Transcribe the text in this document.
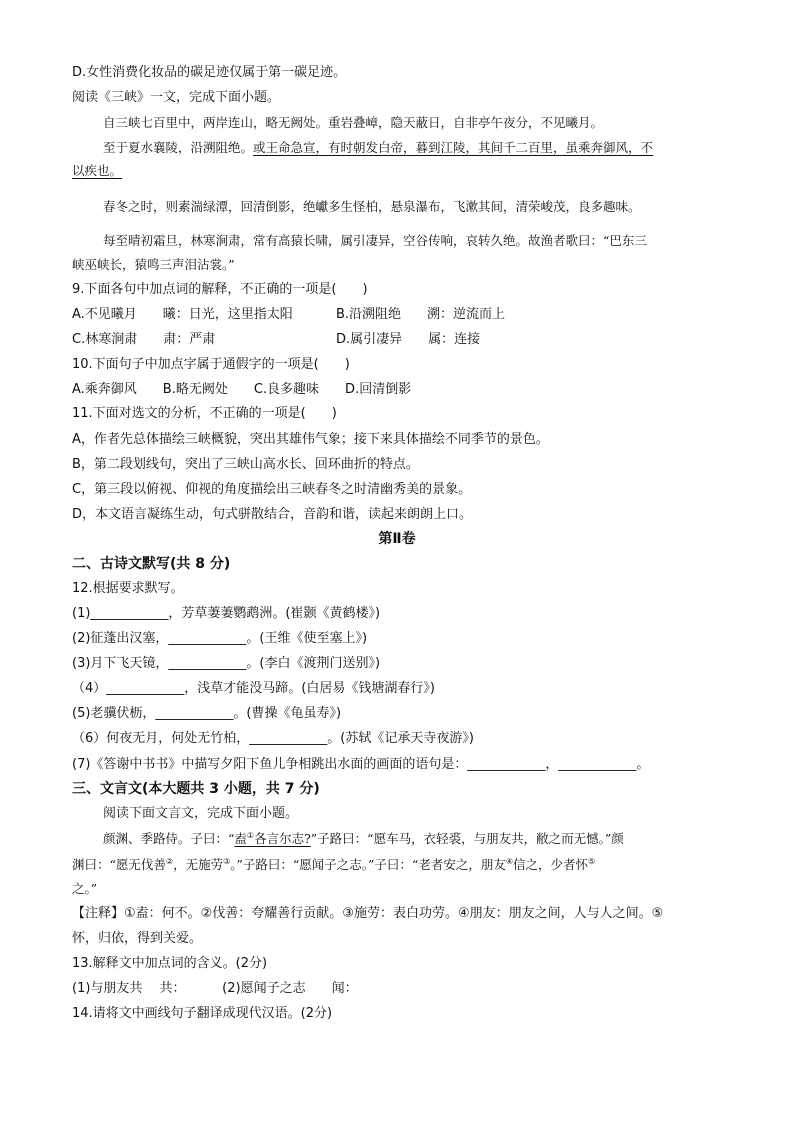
D.女性消费化妆品的碳足迹仅属于第一碳足迹。
阅读《三峡》一文，完成下面小题。
自三峡七百里中，两岸连山，略无阙处。重岩叠嶂，隐天蔽日，自非亭午夜分，不见曦月。
至于夏水襄陵，沿溯阻绝。或王命急宣，有时朝发白帝，暮到江陵，其间千二百里，虽乘奔御风，不
以疾也。
春冬之时，则素湍绿潭，回清倒影，绝巘多生怪柏，悬泉瀑布，飞漱其间，清荣峻茂，良多趣味。
每至晴初霜旦，林寒涧肃，常有高猿长啸，属引凄异，空谷传响，哀转久绝。故渔者歌曰：“巴东三
峡巫峡长，猿鸣三声泪沾裳。”
9.下面各句中加点词的解释，不正确的一项是(　　)
A.不见曦月　　曦：日光，这里指太阳	B.沿溯阻绝　　溯：逆流而上
C.林寒涧肃　　肃：严肃	D.属引凄异　　属：连接
10.下面句子中加点字属于通假字的一项是(　　)
A.乘奔御风　　B.略无阙处　　C.良多趣味　　D.回清倒影
11.下面对选文的分析，不正确的一项是(　　)
A，作者先总体描绘三峡概貌，突出其雄伟气象；接下来具体描绘不同季节的景色。
B，第二段划线句，突出了三峡山高水长、回环曲折的特点。
C，第三段以俯视、仰视的角度描绘出三峡春冬之时清幽秀美的景象。
D，本文语言凝练生动，句式骈散结合，音韵和谐，读起来朗朗上口。
第Ⅱ卷
二、古诗文默写(共 8 分)
12.根据要求默写。
(1)____________，芳草萋萋鹦鹉洲。(崔颢《黄鹤楼》)
(2)征蓬出汉塞，____________。(王维《使至塞上》)
(3)月下飞天镜，____________。(李白《渡荆门送别》)
（4）____________，浅草才能没马蹄。(白居易《钱塘湖春行》)
(5)老骥伏枥，____________。(曹操《龟虽寿》)
（6）何夜无月，何处无竹柏，____________。(苏轼《记承天寺夜游》)
(7)《答谢中书书》中描写夕阳下鱼儿争相跳出水面的画面的语句是：____________，____________。
三、文言文(本大题共 3 小题，共 7 分)
阅读下面文言文，完成下面小题。
颜渊、季路侍。子曰：“盍①各言尔志?”子路曰：“愿车马，衣轻裘，与朋友共，敝之而无憾。”颜
渊曰：“愿无伐善②，无施劳③。”子路曰：“愿闻子之志。”子曰：“老者安之，朋友④信之，少者怀⑤
之。”
【注释】①盍：何不。②伐善：夸耀善行贡献。③施劳：表白功劳。④朋友：朋友之间，人与人之间。⑤
怀，归依，得到关爱。
13.解释文中加点词的含义。(2分)
(1)与朋友共　 共：　　　 (2)愿闻子之志　　闻：
14.请将文中画线句子翻译成现代汉语。(2分)
